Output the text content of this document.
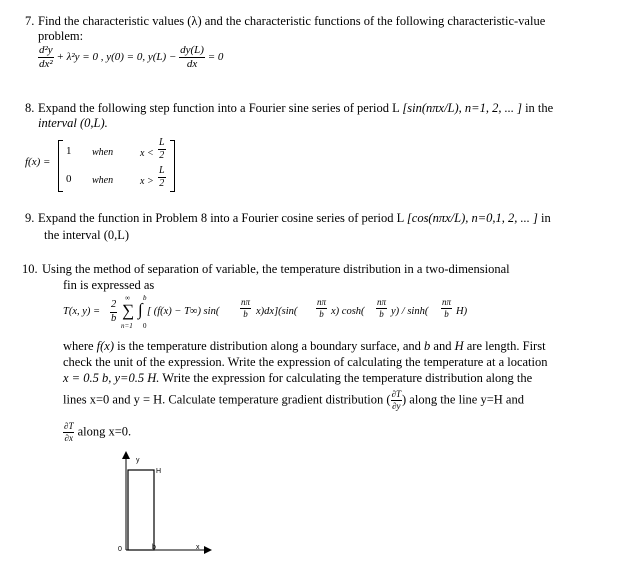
7. Find the characteristic values (λ) and the characteristic functions of the following characteristic-value
problem:
$\frac{\text{d²y}}{\text{dx²}} + \lambda^2y = 0$ , y(0) = 0, $y(L) - \frac{dy(L)}{dx} = 0$
8. Expand the following step function into a Fourier sine series of period L [sin(nπx/L), n=1, 2, ... ] in the
interval (0,L).
f(x) =
1 when	$x < \frac{L}{2}$
0 when	$x > \frac{L}{2}$
9. Expand the function in Problem 8 into a Fourier cosine series of period L [cos(nπx/L), n=0,1, 2, ... ] in
the interval (0,L)
10. Using the method of separation of variable, the temperature distribution in a two-dimensional
fin is expressed as
T(x, $y) = \frac{2}{b}$
∞
∑
n=1
b
∫
0
[ (f(x) − T∞) $\sin( \frac{n\pi}{b} x)dx](\sin( \frac{n\pi}{b} x)$ $\cosh( \frac{n\pi}{b} y) / \sinh( \frac{n\pi}{b} H)$
where f(x) is the temperature distribution along a boundary surface, and b and H are length. First
check the unit of the expression. Write the expression of calculating the temperature at a location
x = 0.5 b, y=0.5 H. Write the expression for calculating the temperature distribution along the
lines x=0 and y = H. Calculate temperature gradient distribution ( $\frac{\partial T}{\partial y}$ ) along the line y=H and
$\frac{\partial T}{\partial x}$ along x=0.
y
H
0	b	x
